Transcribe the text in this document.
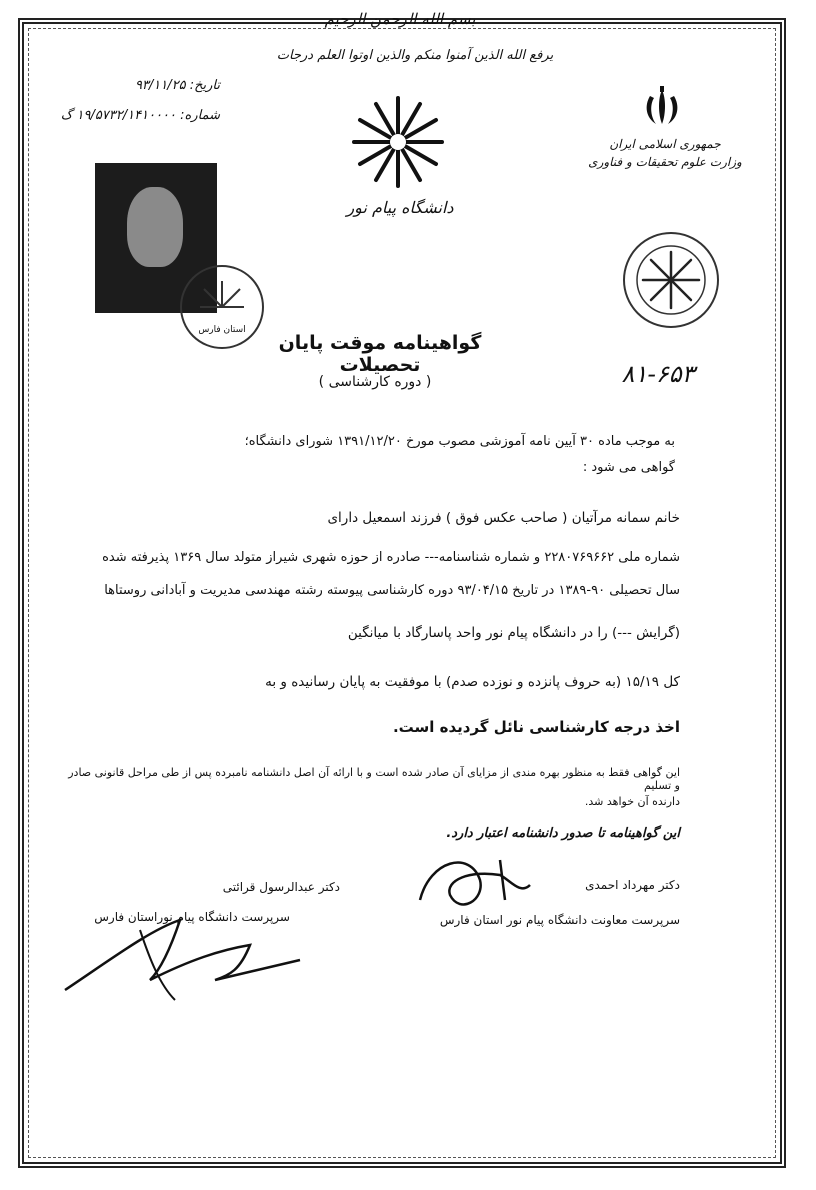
بسم الله الرحمن الرحیم
یرفع الله الذین آمنوا منکم والذین اوتوا العلم درجات
تاریخ: ۹۳/۱۱/۲۵
شماره: ۱۹/۵۷۳۲/۱۴۱۰۰۰۰ گ
جمهوری اسلامی ایران
وزارت علوم تحقیقات و فناوری
دانشگاه پیام نور
استان فارس
گواهینامه موقت پایان تحصیلات
( دوره کارشناسی )	۸۱-۶۵۳
به موجب ماده ۳۰ آیین نامه آموزشی مصوب مورخ ۱۳۹۱/۱۲/۲۰ شورای دانشگاه؛
گواهی می شود :
خانم سمانه مرآتیان ( صاحب عکس فوق ) فرزند اسمعیل دارای
شماره ملی ۲۲۸۰۷۶۹۶۶۲ و شماره شناسنامه--- صادره از حوزه شهری شیراز متولد سال ۱۳۶۹ پذیرفته شده
سال تحصیلی ۹۰-۱۳۸۹ در تاریخ ۹۳/۰۴/۱۵ دوره کارشناسی پیوسته رشته مهندسی مدیریت و آبادانی روستاها
(گرایش ---) را در دانشگاه پیام نور واحد پاسارگاد با میانگین
کل ۱۵/۱۹ (به حروف پانزده و نوزده صدم) با موفقیت به پایان رسانیده و به
اخذ درجه کارشناسی نائل گردیده است.
این گواهی فقط به منظور بهره مندی از مزایای آن صادر شده است و با ارائه آن اصل دانشنامه نامبرده پس از طی مراحل قانونی صادر و تسلیم
دارنده آن خواهد شد.
این گواهینامه تا صدور دانشنامه اعتبار دارد.
دکتر مهرداد احمدی
سرپرست معاونت دانشگاه پیام نور استان فارس
دکتر عبدالرسول قرائتی
سرپرست دانشگاه پیام نوراستان فارس
